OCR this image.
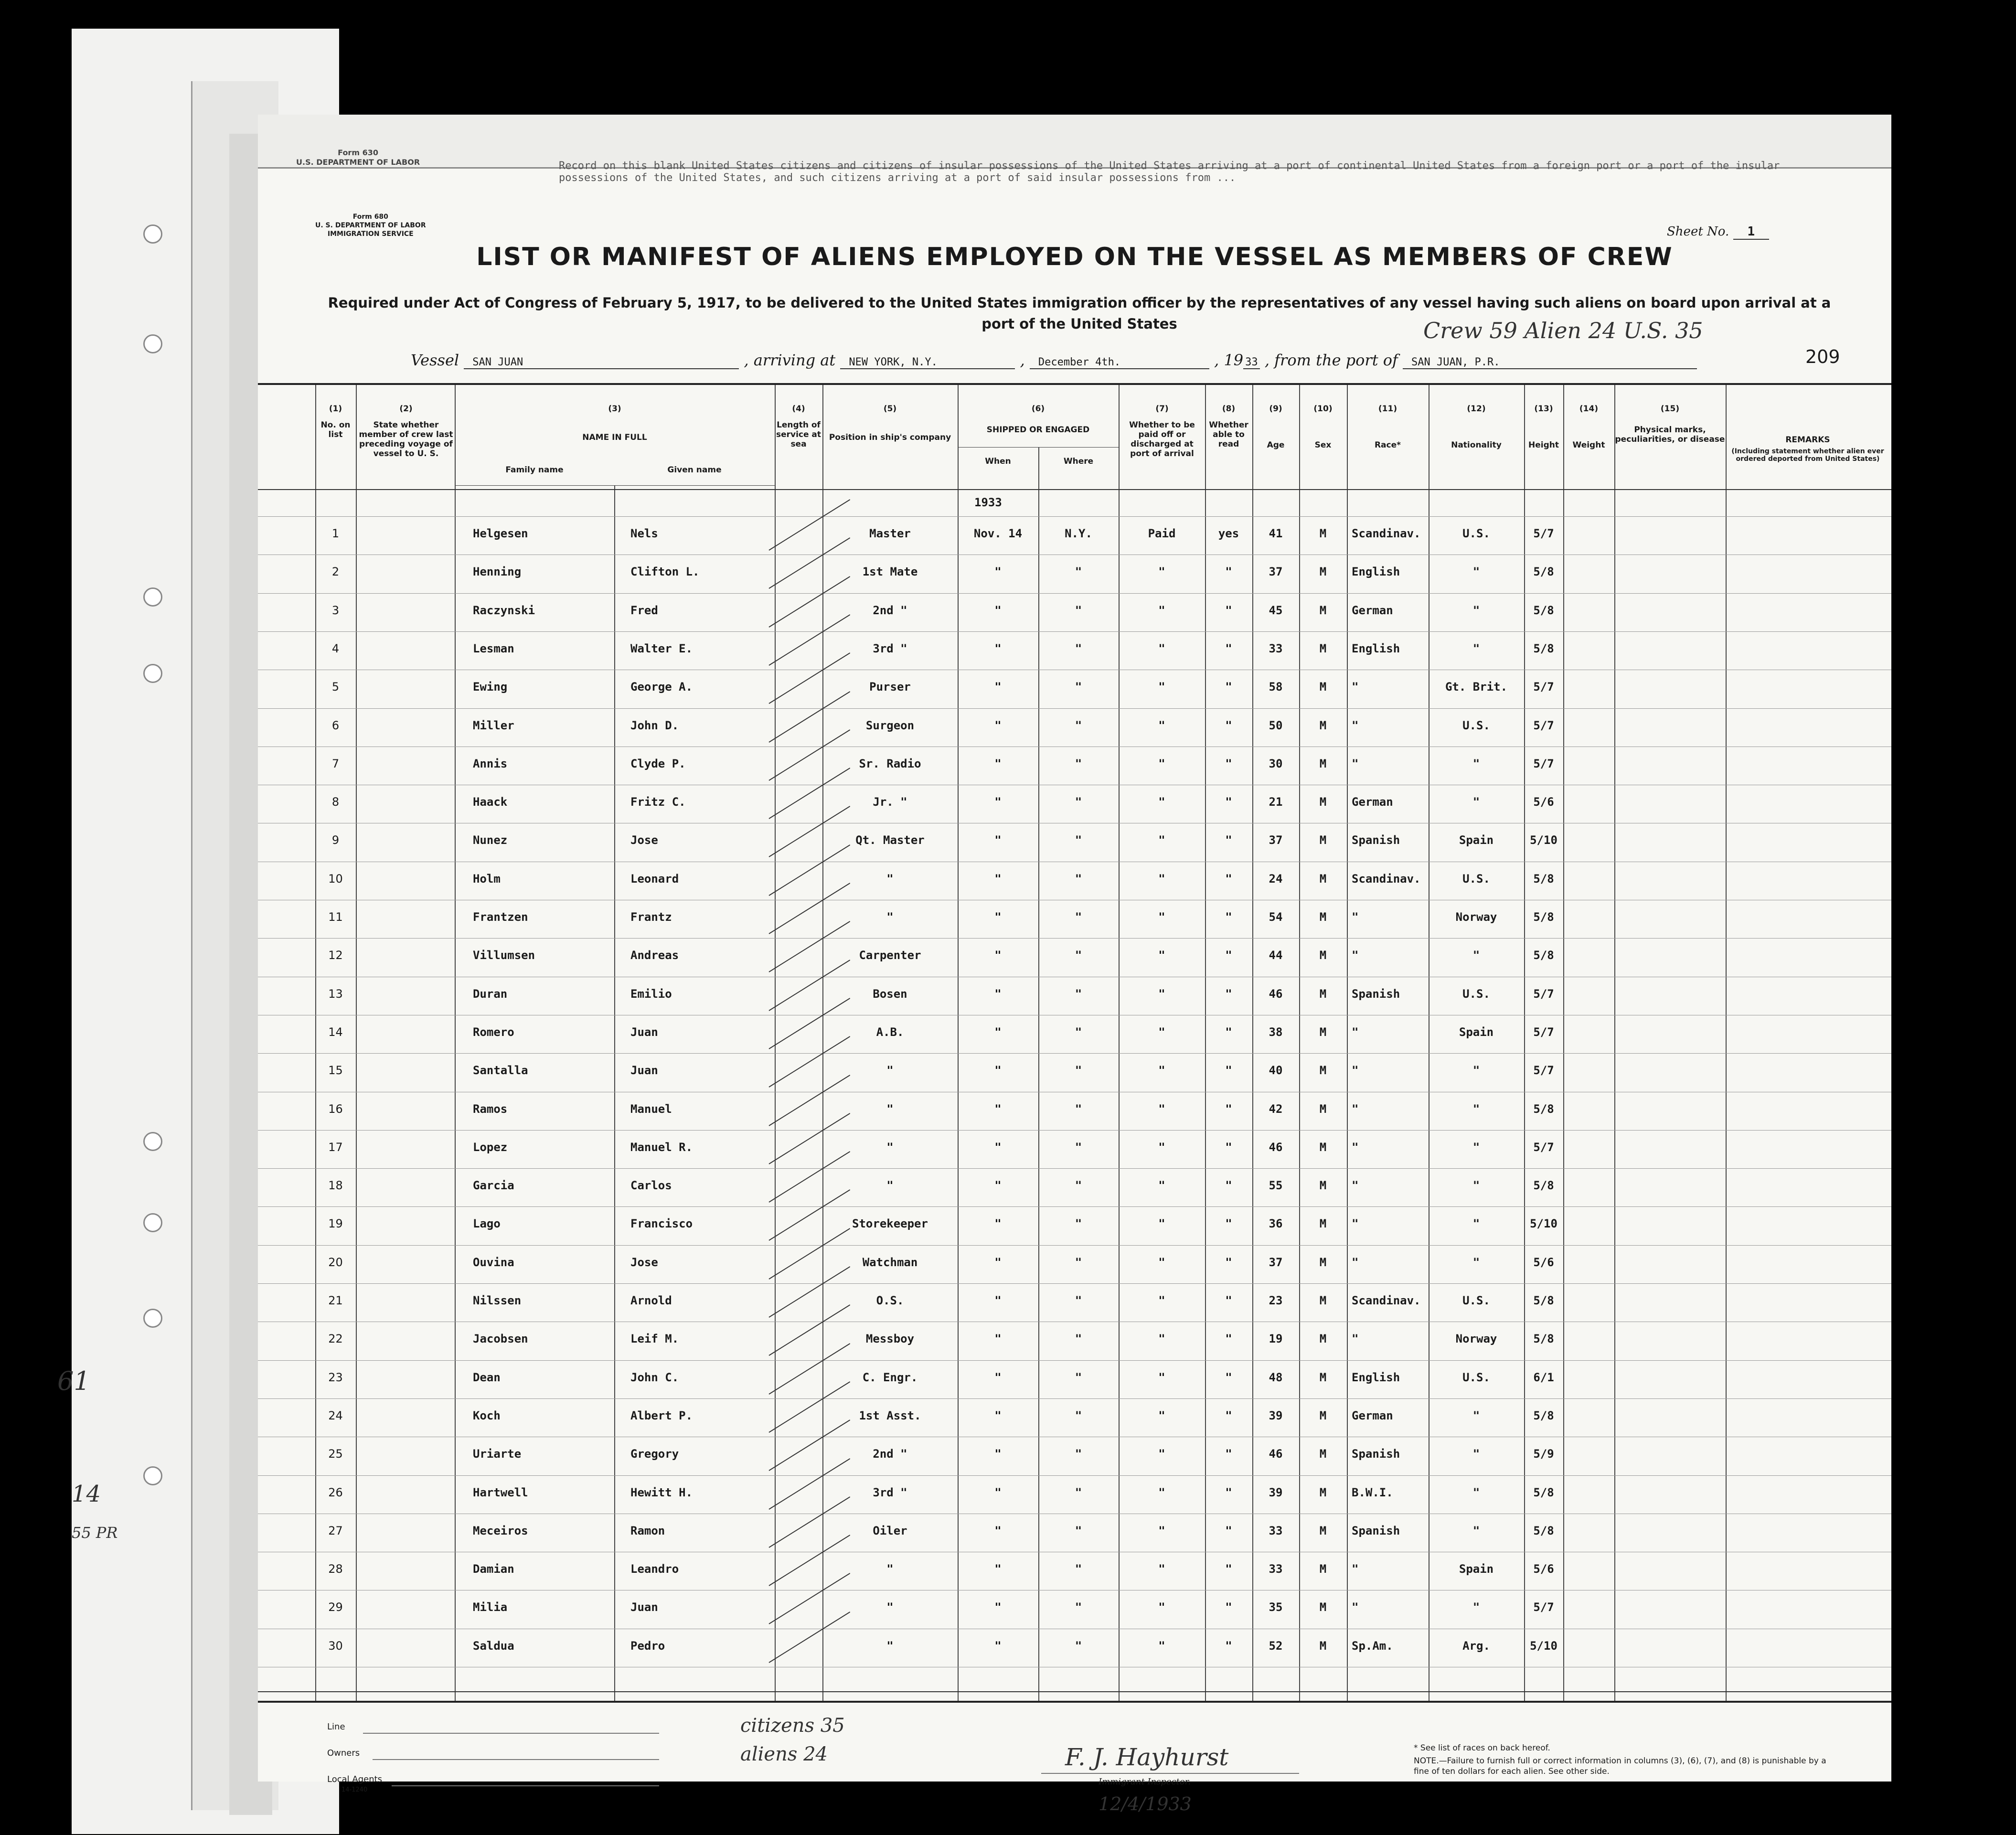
61
14
55 PR
Form 630
U.S. DEPARTMENT OF LABOR	Record on this blank United States citizens and citizens of insular possessions of the United States arriving at a port of continental United States from a foreign port or a port of the insular possessions of the United States, and such citizens arriving at a port of said insular possessions from ...
Form 680
U. S. DEPARTMENT OF LABOR
IMMIGRATION SERVICE	Sheet No. 1
LIST OR MANIFEST OF ALIENS EMPLOYED ON THE VESSEL AS MEMBERS OF CREW
Required under Act of Congress of February 5, 1917, to be delivered to the United States immigration officer by the representatives of any vessel having such aliens on board upon arrival at a port of the United States	Crew 59 Alien 24 U.S. 35
209
Vessel SAN JUAN	, arriving at NEW YORK, N.Y.	, December 4th.	, 19 33 , from the port of SAN JUAN, P.R.
(1)
No. on list
(2)
State whether member of crew last preceding voyage of vessel to U. S.
(3)
NAME IN FULL
Family name	Given name
(4)
Length of service at sea
(5)
Position in ship's company
(6)
SHIPPED OR ENGAGED
When	Where
(7)
Whether to be paid off or discharged at port of arrival
(8)
Whether able to read
(9)
Age
(10)
Sex
(11)
Race*
(12)
Nationality
(13)
Height
(14)
Weight
(15)
Physical marks, peculiarities, or disease	REMARKS
(Including statement whether alien ever ordered deported from United States)
1933
1	Helgesen	Nels	Master	Nov. 14	N.Y.	Paid	yes	41	M	Scandinav.	U.S.	5/7
2	Henning	Clifton L.	1st Mate	"	"	"	"	37	M	English	"	5/8
3	Raczynski	Fred	2nd "	"	"	"	"	45	M	German	"	5/8
4	Lesman	Walter E.	3rd "	"	"	"	"	33	M	English	"	5/8
5	Ewing	George A.	Purser	"	"	"	"	58	M	"	Gt. Brit.	5/7
6	Miller	John D.	Surgeon	"	"	"	"	50	M	"	U.S.	5/7
7	Annis	Clyde P.	Sr. Radio	"	"	"	"	30	M	"	"	5/7
8	Haack	Fritz C.	Jr. "	"	"	"	"	21	M	German	"	5/6
9	Nunez	Jose	Qt. Master	"	"	"	"	37	M	Spanish	Spain	5/10
10	Holm	Leonard	"	"	"	"	"	24	M	Scandinav.	U.S.	5/8
11	Frantzen	Frantz	"	"	"	"	"	54	M	"	Norway	5/8
12	Villumsen	Andreas	Carpenter	"	"	"	"	44	M	"	"	5/8
13	Duran	Emilio	Bosen	"	"	"	"	46	M	Spanish	U.S.	5/7
14	Romero	Juan	A.B.	"	"	"	"	38	M	"	Spain	5/7
15	Santalla	Juan	"	"	"	"	"	40	M	"	"	5/7
16	Ramos	Manuel	"	"	"	"	"	42	M	"	"	5/8
17	Lopez	Manuel R.	"	"	"	"	"	46	M	"	"	5/7
18	Garcia	Carlos	"	"	"	"	"	55	M	"	"	5/8
19	Lago	Francisco	Storekeeper	"	"	"	"	36	M	"	"	5/10
20	Ouvina	Jose	Watchman	"	"	"	"	37	M	"	"	5/6
21	Nilssen	Arnold	O.S.	"	"	"	"	23	M	Scandinav.	U.S.	5/8
22	Jacobsen	Leif M.	Messboy	"	"	"	"	19	M	"	Norway	5/8
23	Dean	John C.	C. Engr.	"	"	"	"	48	M	English	U.S.	6/1
24	Koch	Albert P.	1st Asst.	"	"	"	"	39	M	German	"	5/8
25	Uriarte	Gregory	2nd "	"	"	"	"	46	M	Spanish	"	5/9
26	Hartwell	Hewitt H.	3rd "	"	"	"	"	39	M	B.W.I.	"	5/8
27	Meceiros	Ramon	Oiler	"	"	"	"	33	M	Spanish	"	5/8
28	Damian	Leandro	"	"	"	"	"	33	M	"	Spain	5/6
29	Milia	Juan	"	"	"	"	"	35	M	"	"	5/7
30	Saldua	Pedro	"	"	"	"	"	52	M	Sp.Am.	Arg.	5/10
Line
Owners
Local Agents
14-1240
citizens 35
aliens 24	F. J. Hayhurst
Immigrant Inspector.
12/4/1933
* See list of races on back hereof.
NOTE.—Failure to furnish full or correct information in columns (3), (6), (7), and (8) is punishable by a fine of ten dollars for each alien. See other side.
